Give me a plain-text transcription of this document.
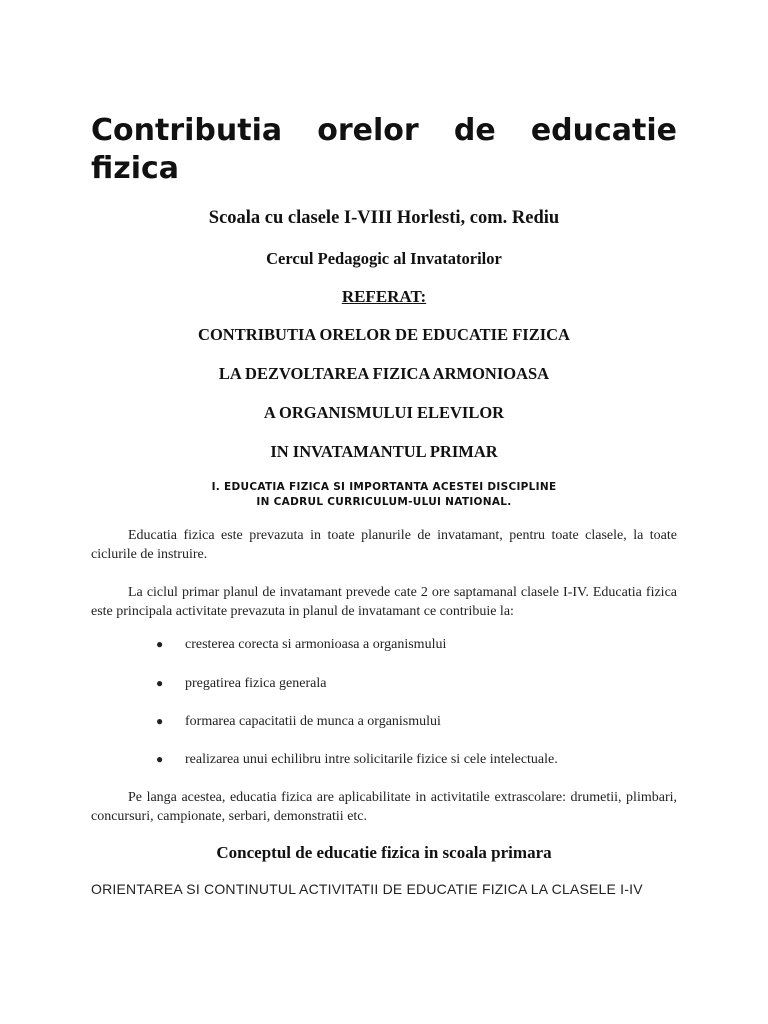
Contributia orelor de educatie
fizica

Scoala cu clasele I-VIII Horlesti, com. Rediu

Cercul Pedagogic al Invatatorilor

REFERAT:

CONTRIBUTIA ORELOR DE EDUCATIE FIZICA

LA DEZVOLTAREA FIZICA ARMONIOASA

A ORGANISMULUI ELEVILOR

IN INVATAMANTUL PRIMAR

I. EDUCATIA FIZICA SI IMPORTANTA ACESTEI DISCIPLINE
IN CADRUL CURRICULUM-ULUI NATIONAL.

Educatia fizica este prevazuta in toate planurile de invatamant, pentru toate clasele, la toate ciclurile de instruire.

La ciclul primar planul de invatamant prevede cate 2 ore saptamanal clasele I-IV. Educatia fizica este principala activitate prevazuta in planul de invatamant ce contribuie la:

● cresterea corecta si armonioasa a organismului

● pregatirea fizica generala

● formarea capacitatii de munca a organismului

● realizarea unui echilibru intre solicitarile fizice si cele intelectuale.

Pe langa acestea, educatia fizica are aplicabilitate in activitatile extrascolare: drumetii, plimbari, concursuri, campionate, serbari, demonstratii etc.

Conceptul de educatie fizica in scoala primara

ORIENTAREA SI CONTINUTUL ACTIVITATII DE EDUCATIE FIZICA LA CLASELE I-IV
